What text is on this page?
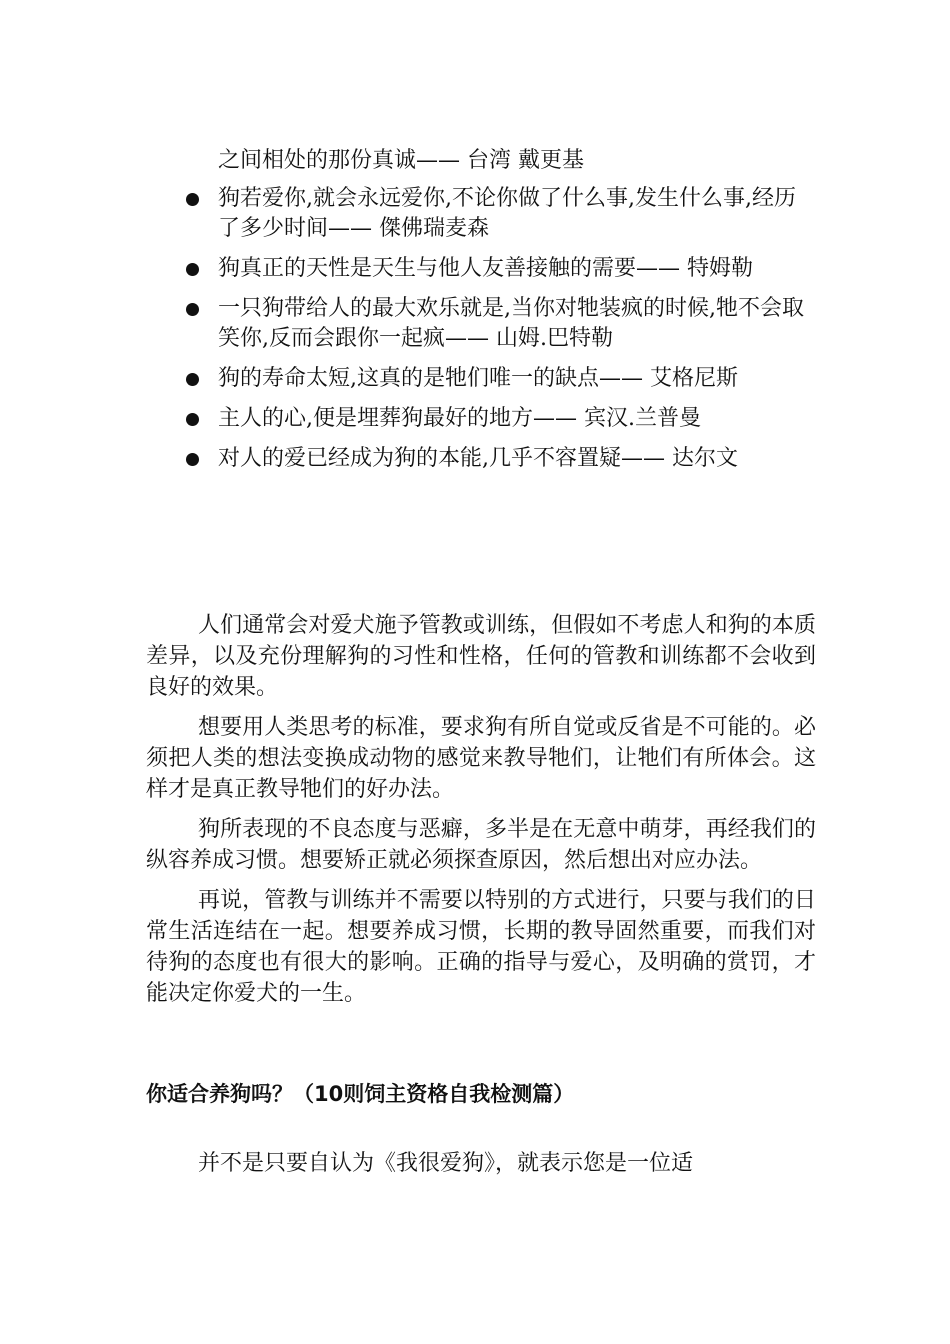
之间相处的那份真诚—— 台湾 戴更基
狗若爱你,就会永远爱你,不论你做了什么事,发生什么事,经历了多少时间—— 傑佛瑞麦森
狗真正的天性是天生与他人友善接触的需要—— 特姆勒
一只狗带给人的最大欢乐就是,当你对牠装疯的时候,牠不会取笑你,反而会跟你一起疯—— 山姆.巴特勒
狗的寿命太短,这真的是牠们唯一的缺点—— 艾格尼斯
主人的心,便是埋葬狗最好的地方—— 宾汉.兰普曼
对人的爱已经成为狗的本能,几乎不容置疑—— 达尔文

人们通常会对爱犬施予管教或训练，但假如不考虑人和狗的本质差异，以及充份理解狗的习性和性格，任何的管教和训练都不会收到良好的效果。

想要用人类思考的标准，要求狗有所自觉或反省是不可能的。必须把人类的想法变换成动物的感觉来教导牠们，让牠们有所体会。这样才是真正教导牠们的好办法。

狗所表现的不良态度与恶癖，多半是在无意中萌芽，再经我们的纵容养成习惯。想要矫正就必须探查原因，然后想出对应办法。

再说，管教与训练并不需要以特别的方式进行，只要与我们的日常生活连结在一起。想要养成习惯，长期的教导固然重要，而我们对待狗的态度也有很大的影响。正确的指导与爱心，及明确的赏罚，才能决定你爱犬的一生。

你适合养狗吗？（10则饲主资格自我检测篇）

并不是只要自认为《我很爱狗》，就表示您是一位适
